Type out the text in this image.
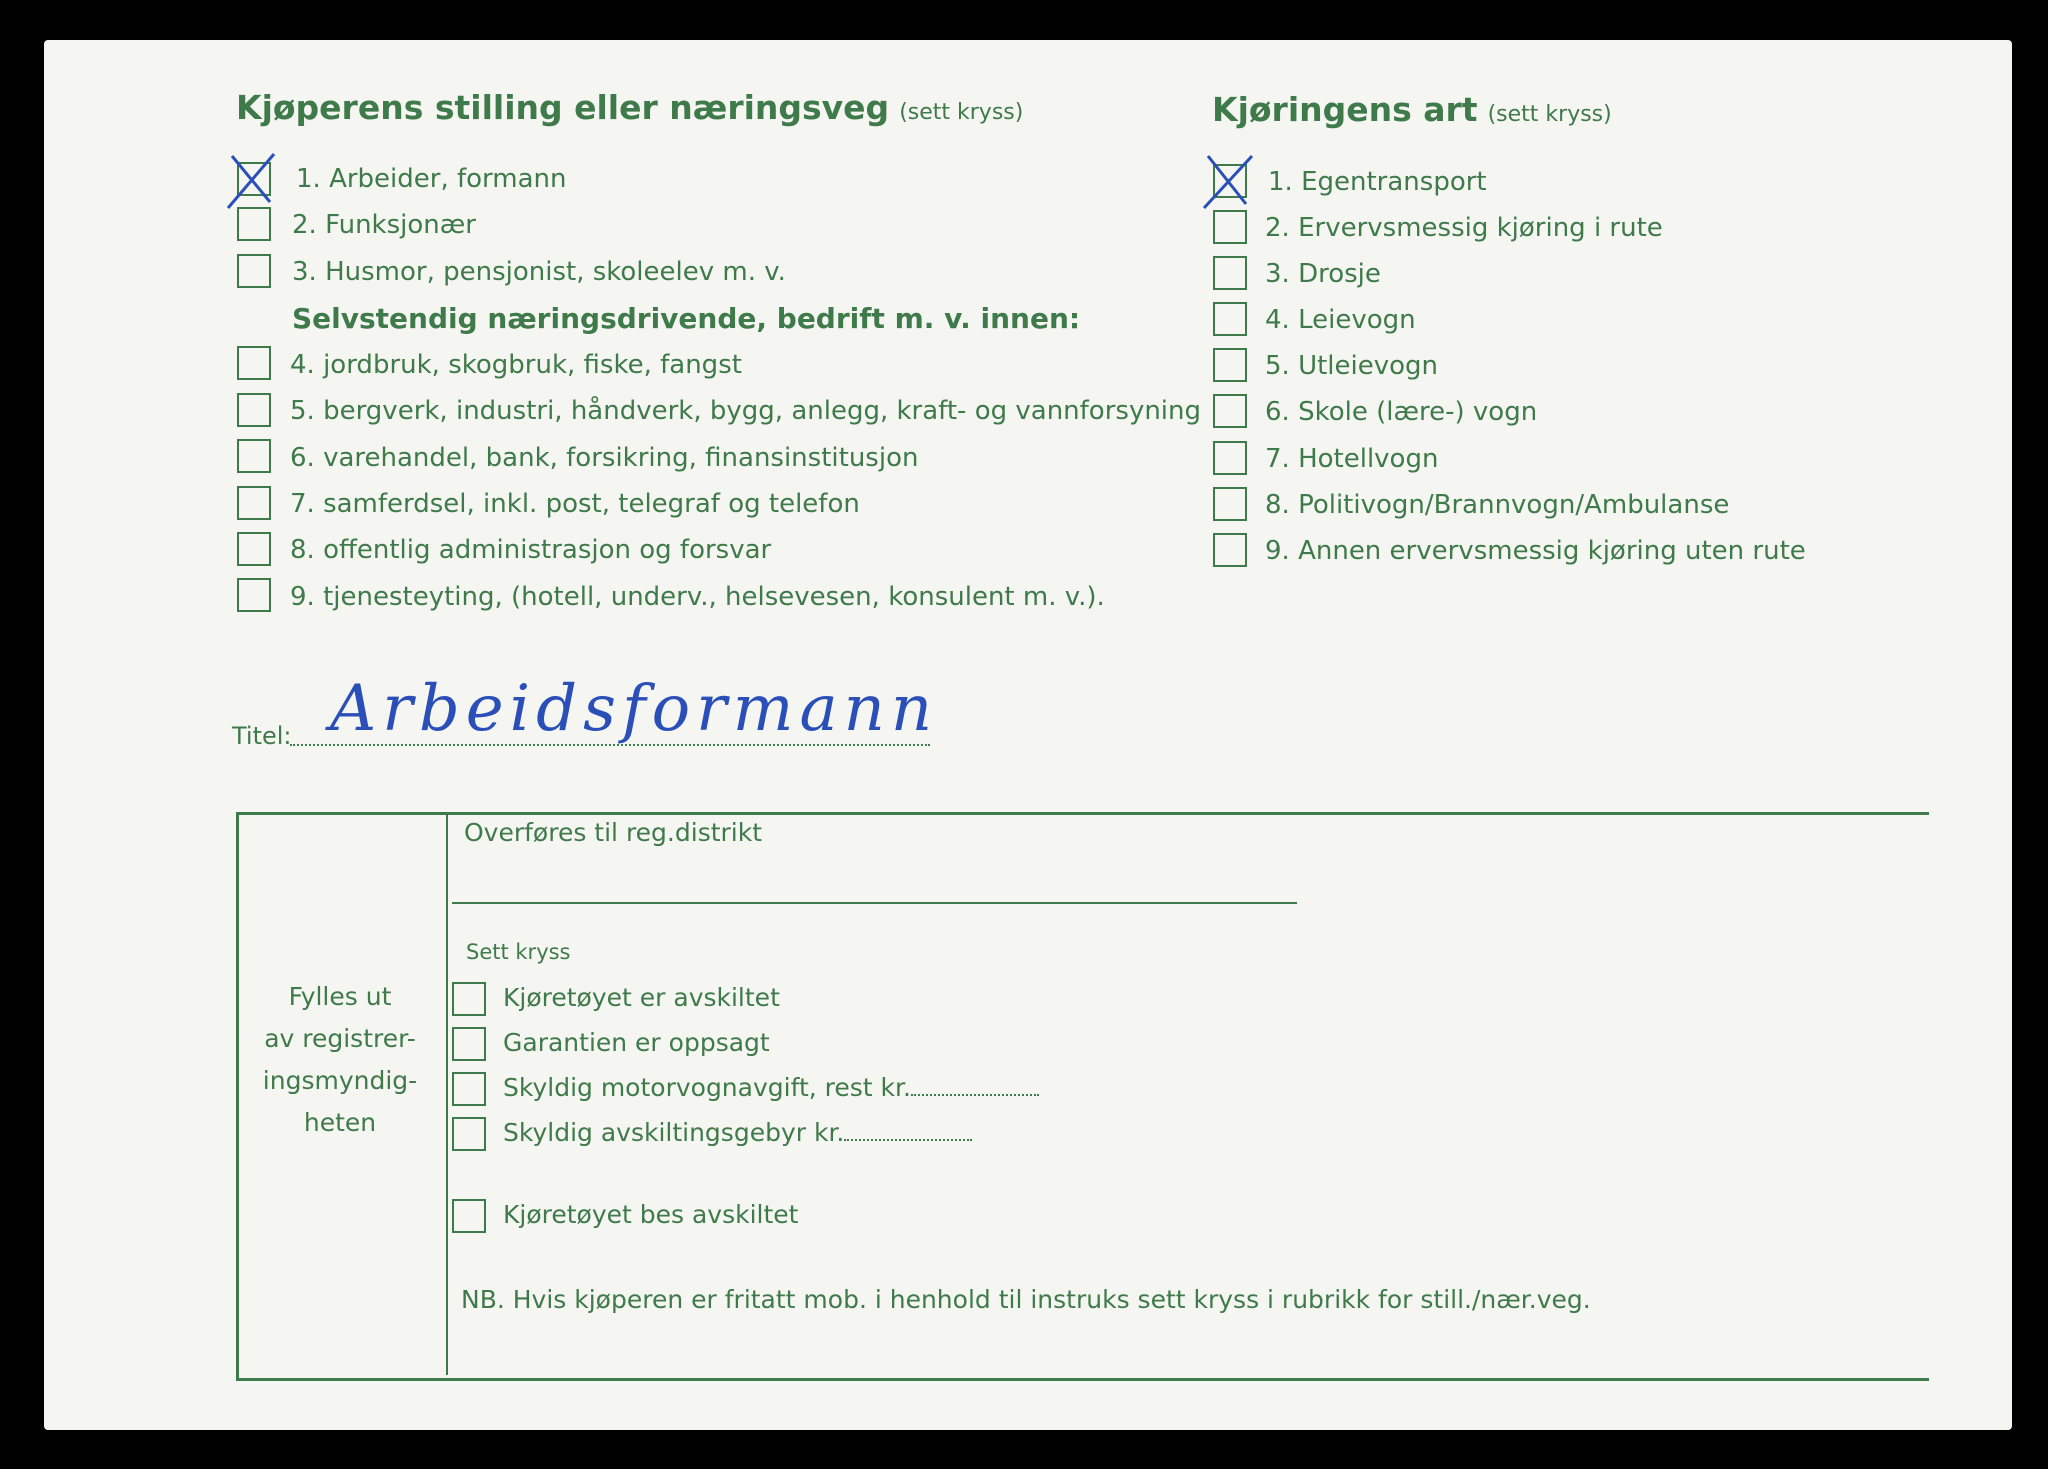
Kjøperens stilling eller næringsveg (sett kryss)	Kjøringens art (sett kryss)
1. Arbeider, formann
2. Funksjonær
3. Husmor, pensjonist, skoleelev m. v.
Selvstendig næringsdrivende, bedrift m. v. innen:
4. jordbruk, skogbruk, fiske, fangst
5. bergverk, industri, håndverk, bygg, anlegg, kraft- og vannforsyning
6. varehandel, bank, forsikring, finansinstitusjon
7. samferdsel, inkl. post, telegraf og telefon
8. offentlig administrasjon og forsvar
9. tjenesteyting, (hotell, underv., helsevesen, konsulent m. v.).
1. Egentransport
2. Ervervsmessig kjøring i rute
3. Drosje
4. Leievogn
5. Utleievogn
6. Skole (lære-) vogn
7. Hotellvogn
8. Politivogn/Brannvogn/Ambulanse
9. Annen ervervsmessig kjøring uten rute
Titel: Arbeidsformann
Fylles ut
av registrer-
ingsmyndig-
heten
Overføres til reg.distrikt
Sett kryss
Kjøretøyet er avskiltet
Garantien er oppsagt
Skyldig motorvognavgift, rest kr.
Skyldig avskiltingsgebyr kr.
Kjøretøyet bes avskiltet
NB. Hvis kjøperen er fritatt mob. i henhold til instruks sett kryss i rubrikk for still./nær.veg.
